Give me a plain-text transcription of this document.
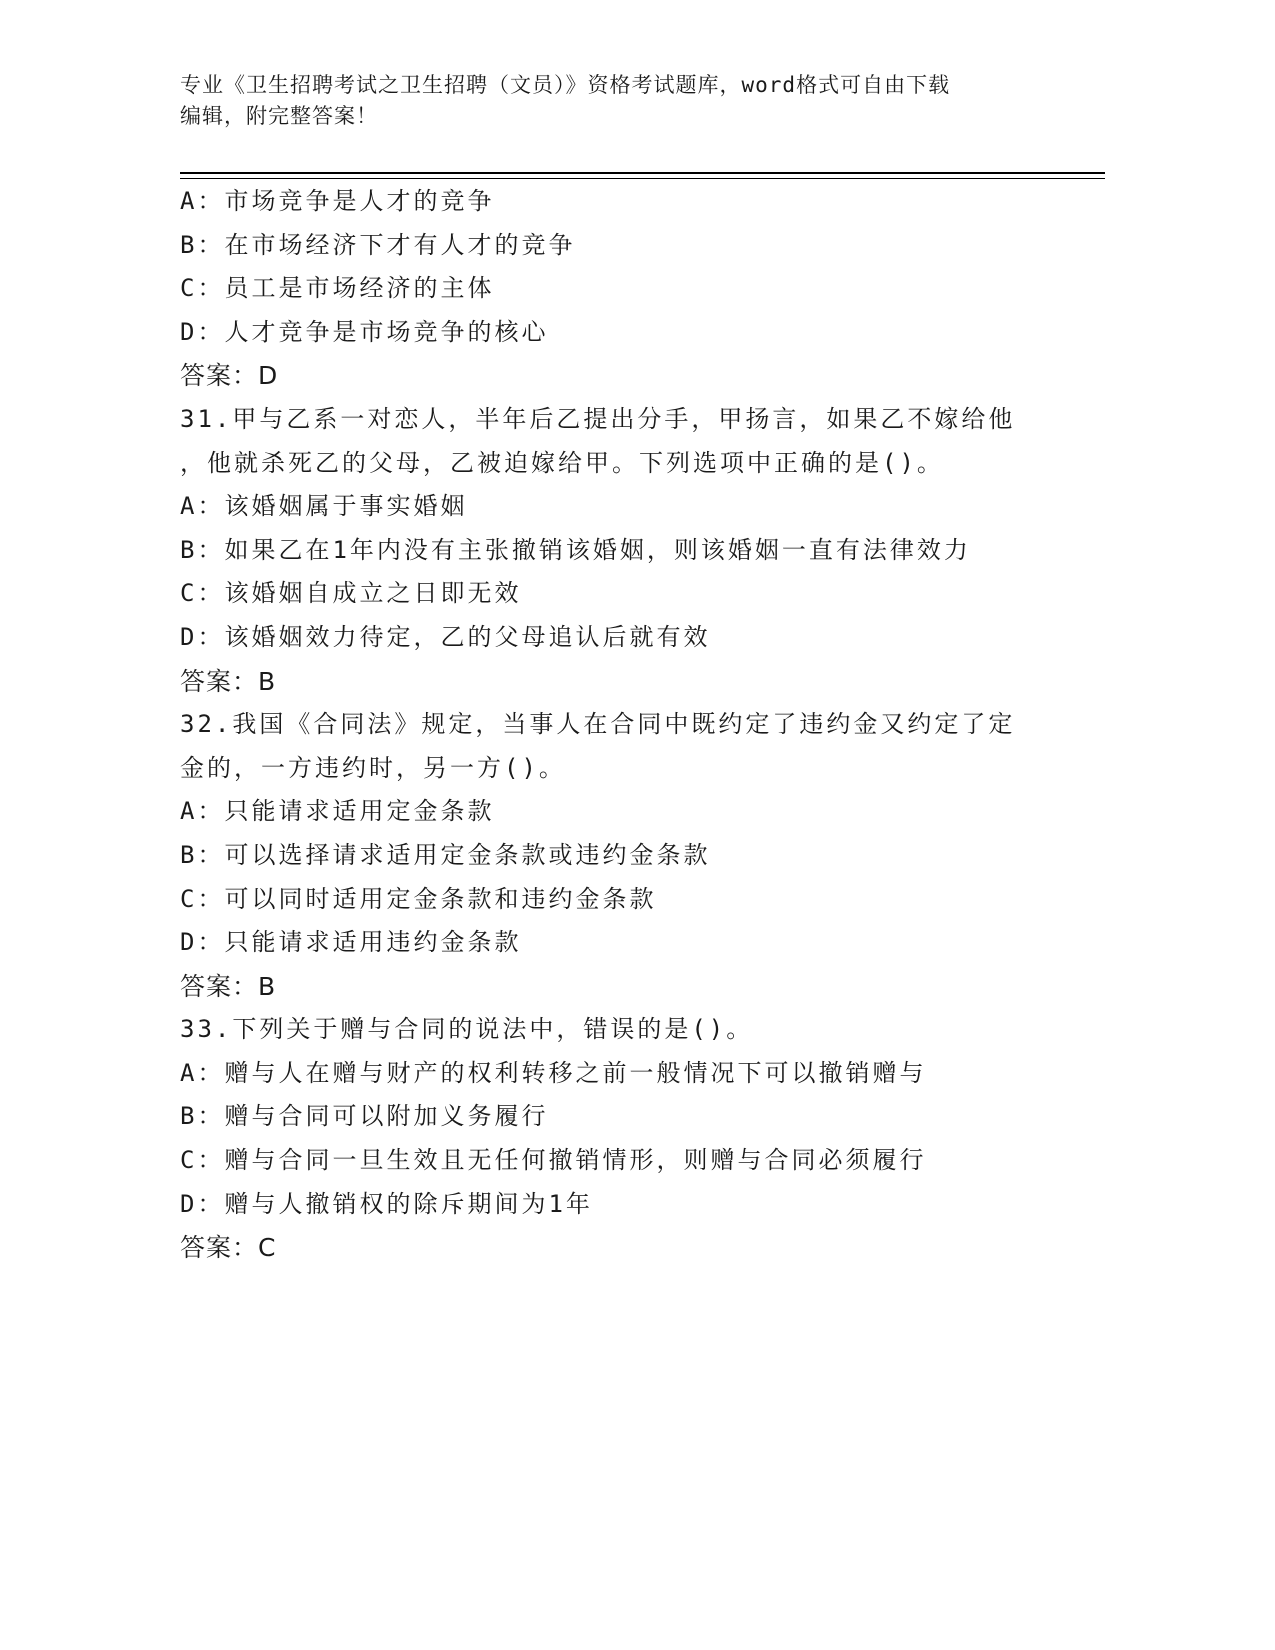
专业《卫生招聘考试之卫生招聘（文员）》资格考试题库，word格式可自由下载
编辑，附完整答案！
A：市场竞争是人才的竞争
B：在市场经济下才有人才的竞争
C：员工是市场经济的主体
D：人才竞争是市场竞争的核心
答案：D
31.甲与乙系一对恋人，半年后乙提出分手，甲扬言，如果乙不嫁给他
，他就杀死乙的父母，乙被迫嫁给甲。下列选项中正确的是()。
A：该婚姻属于事实婚姻
B：如果乙在1年内没有主张撤销该婚姻，则该婚姻一直有法律效力
C：该婚姻自成立之日即无效
D：该婚姻效力待定，乙的父母追认后就有效
答案：B
32.我国《合同法》规定，当事人在合同中既约定了违约金又约定了定
金的，一方违约时，另一方()。
A：只能请求适用定金条款
B：可以选择请求适用定金条款或违约金条款
C：可以同时适用定金条款和违约金条款
D：只能请求适用违约金条款
答案：B
33.下列关于赠与合同的说法中，错误的是()。
A：赠与人在赠与财产的权利转移之前一般情况下可以撤销赠与
B：赠与合同可以附加义务履行
C：赠与合同一旦生效且无任何撤销情形，则赠与合同必须履行
D：赠与人撤销权的除斥期间为1年
答案：C
